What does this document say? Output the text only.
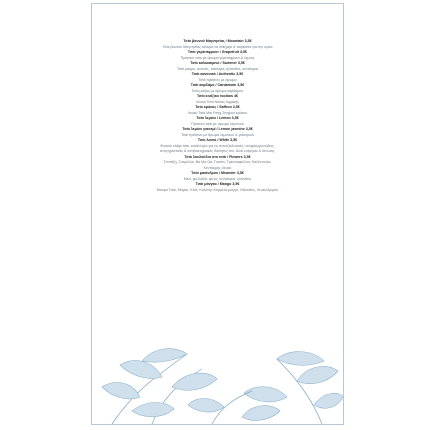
Τσάι βουνού Μαγνησίας / Mountain 3,5€
Τσάι βουνού Μαγνησίας τσουμα σε σάκχαρι & ταιρίαστα για την υγεία
Τσάι γκρέιπφρουτ / Grapefruit 3,5€
Πράσινο τσάι με άρωμα γκρέιπφρουτ & λέμονι
Τσάι καλοκαιρινό / Summer 3,5€
Τσάι μαύρο, ανανάς, παπάγια, ηλίανθος, κεντάυρια
Τσάι κανονικό / Authentic 3,5€
Τσάι πράσινο με άρωμα
Τσάι καρδάμο / Cardamom 3,5€
Τσάι μαύρο με άρωμα καρδάμου
Τσάι κινέζικο rooibos 4€
Λευκό Τσάι Νότιας Αφρικής
Τσάι κρόκος / Saffron 3,5€
Λευκό Τσάι Μαι Feng Σπηρού κρόκου
Τσάι λεμόνι / Lemon 3,5€
Πράσινο τσάι με άρωμα λεμονιού
Τσάι λεμόνι γιασεμί / Lemon jasmine 3,5€
Τσάι πράσινο με άρωμα λεμονιού & γιασεμιού
Τσάι λευκό / White 3,5€
Φυσικό ελάφι τσάι, κατάλληλο για τις αντιοξειδωτικές, αντιφλεγμονώδεις,
αντιγηραντικές & αντιβακτηριακές ιδιότητες του. Δίνει ενέργεια & τόνωση.
Τσάι λουλούδια στο τσάι / Flowers 3,5€
Σύνταξη, Συτρολλα, Βα Μα Ωα, Γοσσα, Τριανταφύλλια, Καλέντουλα,
Κεντάυρια, Λευκό
Τσάι μαιάνδρου / Meander 3,5€
Μελί, φυλλάδα, φίνος, κεντάυρια, ηλίανθος
Τσάι μάνγκο / Mango 3,5€
Μαύρο Τσάι, Μάγκο, Κίνα, Καλέντρ Καρμέλα μάγγο, Ηλίανθος, Λευκό Άρμπο
